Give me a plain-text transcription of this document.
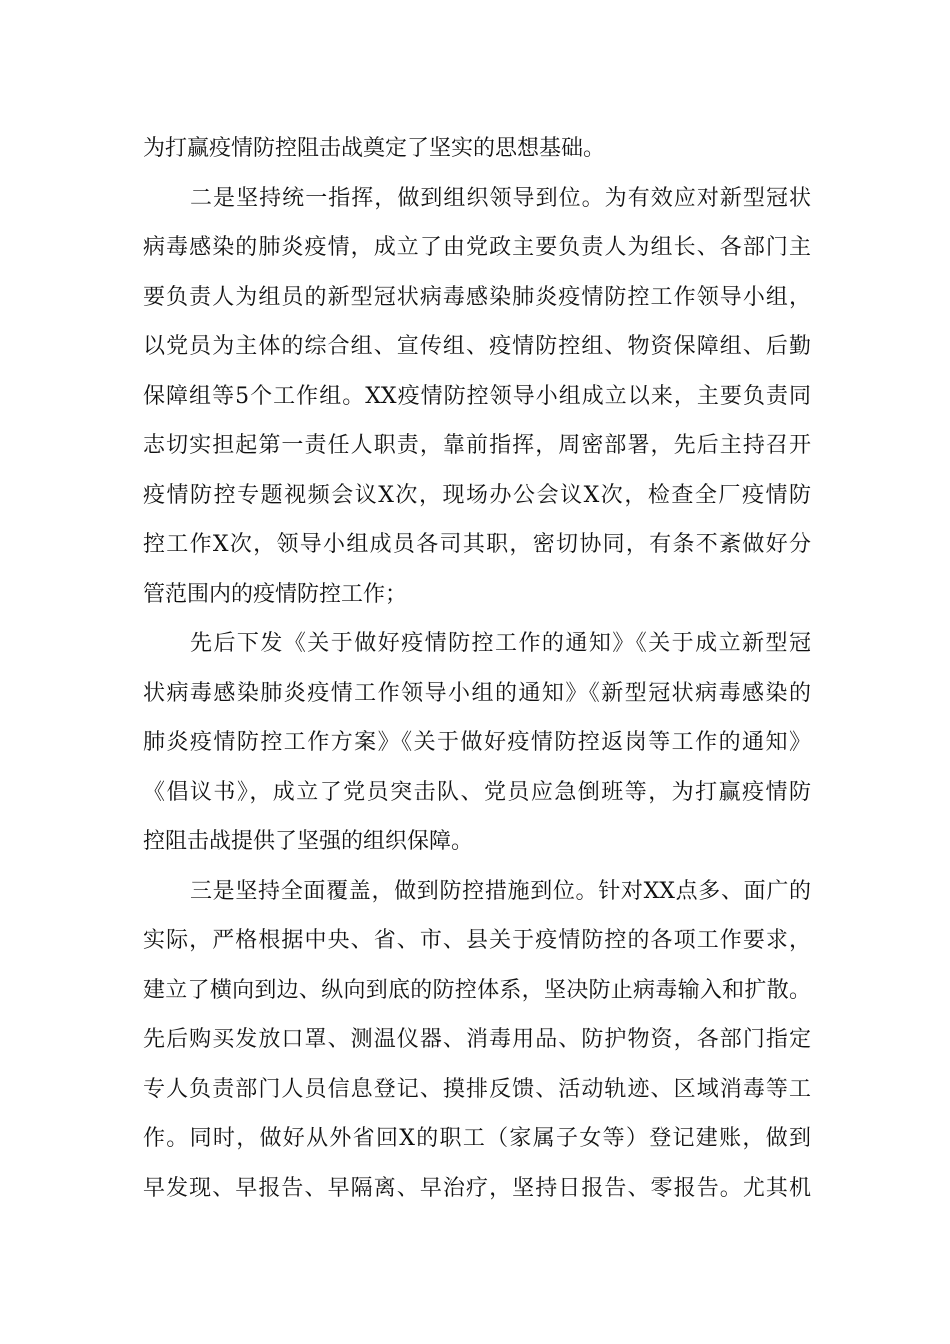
为打赢疫情防控阻击战奠定了坚实的思想基础。
二是坚持统一指挥，做到组织领导到位。为有效应对新型冠状
病毒感染的肺炎疫情，成立了由党政主要负责人为组长、各部门主
要负责人为组员的新型冠状病毒感染肺炎疫情防控工作领导小组，
以党员为主体的综合组、宣传组、疫情防控组、物资保障组、后勤
保障组等5个工作组。XX疫情防控领导小组成立以来，主要负责同
志切实担起第一责任人职责，靠前指挥，周密部署，先后主持召开
疫情防控专题视频会议X次，现场办公会议X次，检查全厂疫情防
控工作X次，领导小组成员各司其职，密切协同，有条不紊做好分
管范围内的疫情防控工作；
先后下发《关于做好疫情防控工作的通知》《关于成立新型冠
状病毒感染肺炎疫情工作领导小组的通知》《新型冠状病毒感染的
肺炎疫情防控工作方案》《关于做好疫情防控返岗等工作的通知》
《倡议书》，成立了党员突击队、党员应急倒班等，为打赢疫情防
控阻击战提供了坚强的组织保障。
三是坚持全面覆盖，做到防控措施到位。针对XX点多、面广的
实际，严格根据中央、省、市、县关于疫情防控的各项工作要求，
建立了横向到边、纵向到底的防控体系，坚决防止病毒输入和扩散。
先后购买发放口罩、测温仪器、消毒用品、防护物资，各部门指定
专人负责部门人员信息登记、摸排反馈、活动轨迹、区域消毒等工
作。同时，做好从外省回X的职工（家属子女等）登记建账，做到
早发现、早报告、早隔离、早治疗，坚持日报告、零报告。尤其机
